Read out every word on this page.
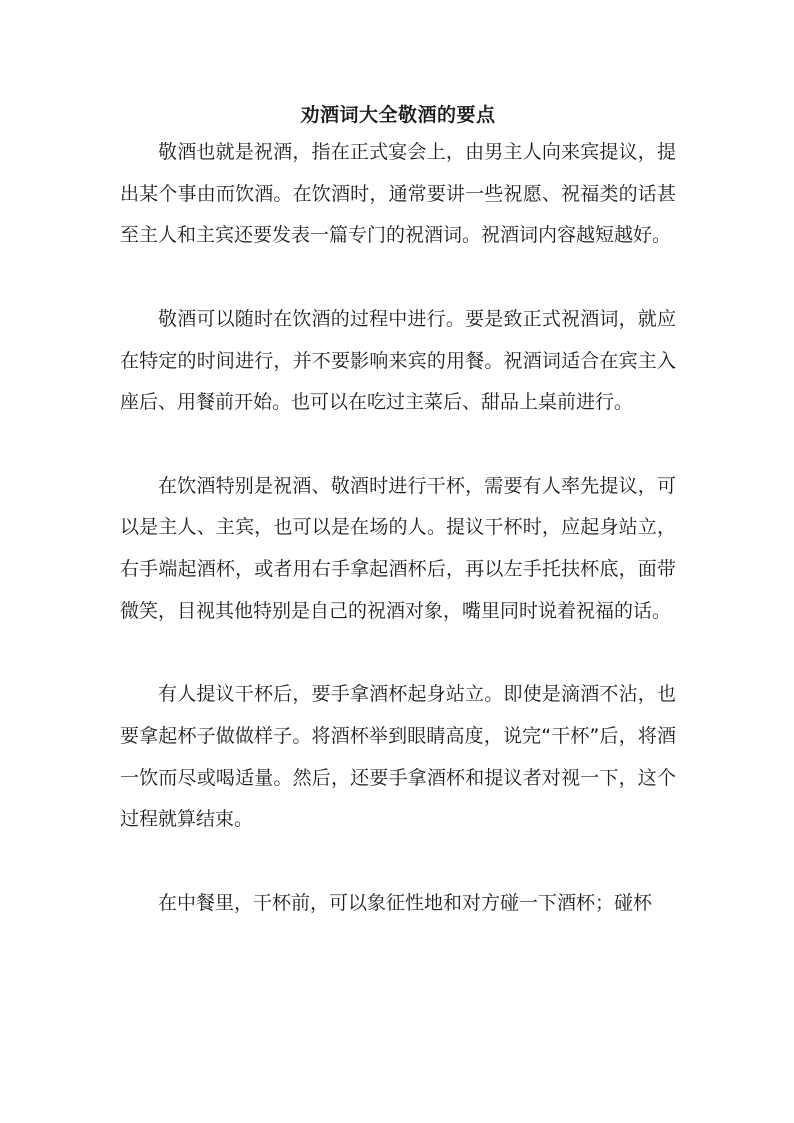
劝酒词大全敬酒的要点

敬酒也就是祝酒，指在正式宴会上，由男主人向来宾提议，提出某个事由而饮酒。在饮酒时，通常要讲一些祝愿、祝福类的话甚至主人和主宾还要发表一篇专门的祝酒词。祝酒词内容越短越好。

敬酒可以随时在饮酒的过程中进行。要是致正式祝酒词，就应在特定的时间进行，并不要影响来宾的用餐。祝酒词适合在宾主入座后、用餐前开始。也可以在吃过主菜后、甜品上桌前进行。

在饮酒特别是祝酒、敬酒时进行干杯，需要有人率先提议，可以是主人、主宾，也可以是在场的人。提议干杯时，应起身站立，右手端起酒杯，或者用右手拿起酒杯后，再以左手托扶杯底，面带微笑，目视其他特别是自己的祝酒对象，嘴里同时说着祝福的话。

有人提议干杯后，要手拿酒杯起身站立。即使是滴酒不沾，也要拿起杯子做做样子。将酒杯举到眼睛高度，说完“干杯”后，将酒一饮而尽或喝适量。然后，还要手拿酒杯和提议者对视一下，这个过程就算结束。

在中餐里，干杯前，可以象征性地和对方碰一下酒杯；碰杯
